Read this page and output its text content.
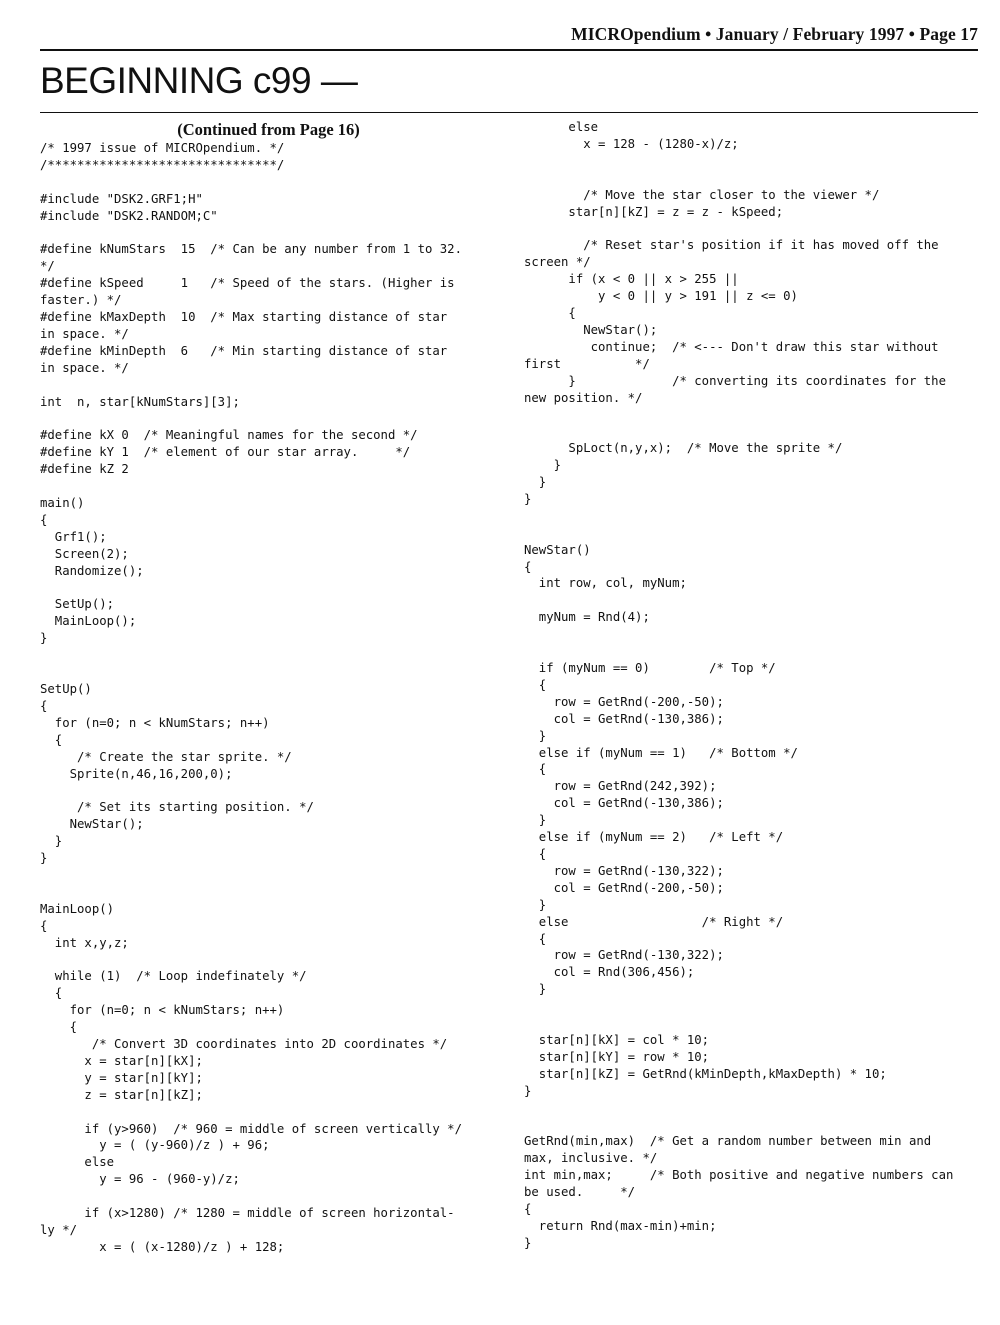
MICROpendium • January / February 1997 • Page 17
BEGINNING c99 —
(Continued from Page 16)
/* 1997 issue of MICROpendium. */
/*******************************/

#include "DSK2.GRF1;H"
#include "DSK2.RANDOM;C"

#define kNumStars  15  /* Can be any number from 1 to 32.
*/
#define kSpeed     1   /* Speed of the stars. (Higher is
faster.) */
#define kMaxDepth  10  /* Max starting distance of star
in space. */
#define kMinDepth  6   /* Min starting distance of star
in space. */

int  n, star[kNumStars][3];

#define kX 0  /* Meaningful names for the second */
#define kY 1  /* element of our star array.     */
#define kZ 2

main()
{
Grf1();
Screen(2);
Randomize();

SetUp();
MainLoop();
}

SetUp()
{
for (n=0; n < kNumStars; n++)
{
/* Create the star sprite. */
Sprite(n,46,16,200,0);

/* Set its starting position. */
NewStar();
}
}

MainLoop()
{
int x,y,z;

while (1)  /* Loop indefinately */
{
for (n=0; n < kNumStars; n++)
{
/* Convert 3D coordinates into 2D coordinates */
x = star[n][kX];
y = star[n][kY];
z = star[n][kZ];

if (y>960)  /* 960 = middle of screen vertically */
y = ( (y-960)/z ) + 96;
else
y = 96 - (960-y)/z;

if (x>1280) /* 1280 = middle of screen horizontal-
ly */
x = ( (x-1280)/z ) + 128;
else
x = 128 - (1280-x)/z;

/* Move the star closer to the viewer */
star[n][kZ] = z = z - kSpeed;

/* Reset star's position if it has moved off the
screen */
if (x < 0 || x > 255 ||
y < 0 || y > 191 || z <= 0)
{
NewStar();
continue;  /* <--- Don't draw this star without
first          */
}             /* converting its coordinates for the
new position. */

SpLoct(n,y,x);  /* Move the sprite */
}
}
}

NewStar()
{
int row, col, myNum;

myNum = Rnd(4);

if (myNum == 0)        /* Top */
{
row = GetRnd(-200,-50);
col = GetRnd(-130,386);
}
else if (myNum == 1)   /* Bottom */
{
row = GetRnd(242,392);
col = GetRnd(-130,386);
}
else if (myNum == 2)   /* Left */
{
row = GetRnd(-130,322);
col = GetRnd(-200,-50);
}
else                  /* Right */
{
row = GetRnd(-130,322);
col = Rnd(306,456);
}

star[n][kX] = col * 10;
star[n][kY] = row * 10;
star[n][kZ] = GetRnd(kMinDepth,kMaxDepth) * 10;
}

GetRnd(min,max)  /* Get a random number between min and
max, inclusive. */
int min,max;     /* Both positive and negative numbers can
be used.     */
{
return Rnd(max-min)+min;
}
